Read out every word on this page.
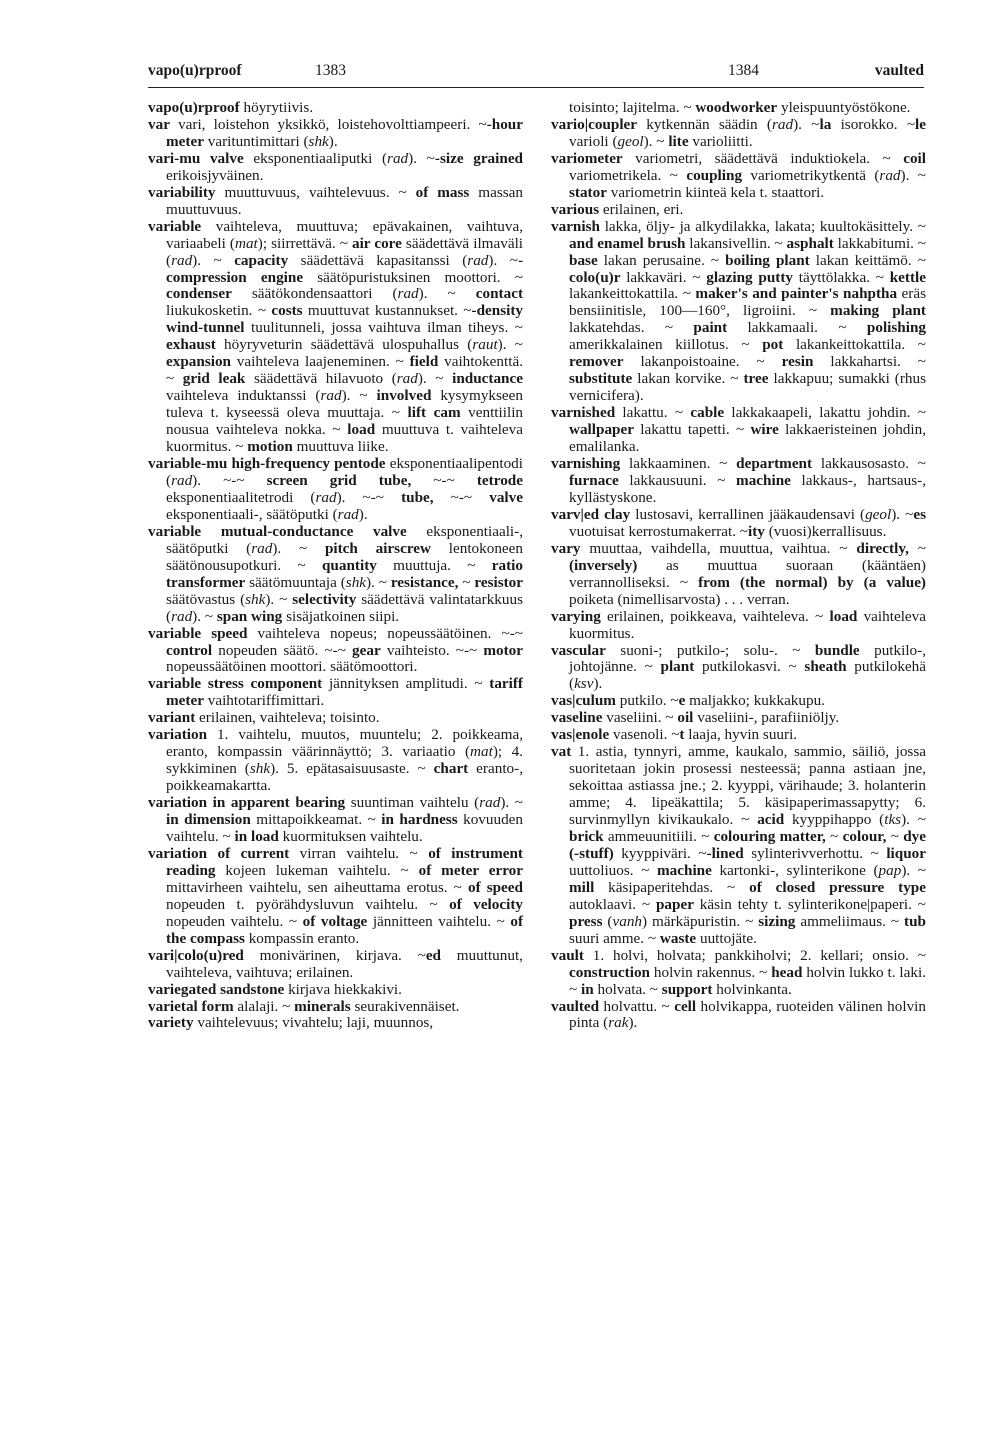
vapo(u)rproof	1383	1384	vaulted

vapo(u)rproof höyrytiivis.

var vari, loistehon yksikkö, loistehovolttiampeeri. ~-hour meter varituntimittari (shk).

vari-mu valve eksponentiaaliputki (rad). ~-size grained erikoisjyväinen.

variability muuttuvuus, vaihtelevuus. ~ of mass massan muuttuvuus.

variable vaihteleva, muuttuva; epävakainen, vaihtuva, variaabeli (mat); siirrettävä. ~ air core säädettävä ilmaväli (rad). ~ capacity säädettävä kapasitanssi (rad). ~-compression engine säätöpuristuksinen moottori. ~ condenser säätökondensaattori (rad). ~ contact liukukosketin. ~ costs muuttuvat kustannukset. ~-density wind-tunnel tuulitunneli, jossa vaihtuva ilman tiheys. ~ exhaust höyryveturin säädettävä ulospuhallus (raut). ~ expansion vaihteleva laajeneminen. ~ field vaihtokenttä. ~ grid leak säädettävä hilavuoto (rad). ~ inductance vaihteleva induktanssi (rad). ~ involved kysymykseen tuleva t. kyseessä oleva muuttaja. ~ lift cam venttiilin nousua vaihteleva nokka. ~ load muuttuva t. vaihteleva kuormitus. ~ motion muuttuva liike.

variable-mu high-frequency pentode eksponentiaalipentodi (rad). ~-~ screen grid tube, ~-~ tetrode eksponentiaalitetrodi (rad). ~-~ tube, ~-~ valve eksponentiaali-, säätöputki (rad).

variable mutual-conductance valve eksponentiaali-, säätöputki (rad). ~ pitch airscrew lentokoneen säätönousupotkuri. ~ quantity muuttuja. ~ ratio transformer säätömuuntaja (shk). ~ resistance, ~ resistor säätövastus (shk). ~ selectivity säädettävä valintatarkkuus (rad). ~ span wing sisäjatkoinen siipi.

variable speed vaihteleva nopeus; nopeussäätöinen. ~-~ control nopeuden säätö. ~-~ gear vaihteisto. ~-~ motor nopeussäätöinen moottori. säätömoottori.

variable stress component jännityksen amplitudi. ~ tariff meter vaihtotariffimittari.

variant erilainen, vaihteleva; toisinto.

variation 1. vaihtelu, muutos, muuntelu; 2. poikkeama, eranto, kompassin väärinnäyttö; 3. variaatio (mat); 4. sykkiminen (shk). 5. epätasaisuusaste. ~ chart eranto-, poikkeamakartta.

variation in apparent bearing suuntiman vaihtelu (rad). ~ in dimension mittapoikkeamat. ~ in hardness kovuuden vaihtelu. ~ in load kuormituksen vaihtelu.

variation of current virran vaihtelu. ~ of instrument reading kojeen lukeman vaihtelu. ~ of meter error mittavirheen vaihtelu, sen aiheuttama erotus. ~ of speed nopeuden t. pyörähdysluvun vaihtelu. ~ of velocity nopeuden vaihtelu. ~ of voltage jännitteen vaihtelu. ~ of the compass kompassin eranto.

vari|colo(u)red monivärinen, kirjava. ~ed muuttunut, vaihteleva, vaihtuva; erilainen.

variegated sandstone kirjava hiekkakivi.

varietal form alalaji. ~ minerals seurakivennäiset.

variety vaihtelevuus; vivahtelu; laji, muunnos,

toisinto; lajitelma. ~ woodworker yleispuuntyöstökone.

vario|coupler kytkennän säädin (rad). ~la isorokko. ~le varioli (geol). ~ lite varioliitti.

variometer variometri, säädettävä induktiokela. ~ coil variometrikela. ~ coupling variometrikytkentä (rad). ~ stator variometrin kiinteä kela t. staattori.

various erilainen, eri.

varnish lakka, öljy- ja alkydilakka, lakata; kuultokäsittely. ~ and enamel brush lakansivellin. ~ asphalt lakkabitumi. ~ base lakan perusaine. ~ boiling plant lakan keittämö. ~ colo(u)r lakkaväri. ~ glazing putty täyttölakka. ~ kettle lakankeittokattila. ~ maker's and painter's nahptha eräs bensiinitisle, 100—160°, ligroiini. ~ making plant lakkatehdas. ~ paint lakkamaali. ~ polishing amerikkalainen kiillotus. ~ pot lakankeittokattila. ~ remover lakanpoistoaine. ~ resin lakkahartsi. ~ substitute lakan korvike. ~ tree lakkapuu; sumakki (rhus vernicifera).

varnished lakattu. ~ cable lakkakaapeli, lakattu johdin. ~ wallpaper lakattu tapetti. ~ wire lakkaeristeinen johdin, emalilanka.

varnishing lakkaaminen. ~ department lakkausosasto. ~ furnace lakkausuuni. ~ machine lakkaus-, hartsaus-, kyllästyskone.

varv|ed clay lustosavi, kerrallinen jääkaudensavi (geol). ~es vuotuisat kerrostumakerrat. ~ity (vuosi)kerrallisuus.

vary muuttaa, vaihdella, muuttua, vaihtua. ~ directly, ~ (inversely) as muuttua suoraan (kääntäen) verrannolliseksi. ~ from (the normal) by (a value) poiketa (nimellisarvosta) . . . verran.

varying erilainen, poikkeava, vaihteleva. ~ load vaihteleva kuormitus.

vascular suoni-; putkilo-; solu-. ~ bundle putkilo-, johtojänne. ~ plant putkilokasvi. ~ sheath putkilokehä (ksv).

vas|culum putkilo. ~e maljakko; kukkakupu.

vaseline vaseliini. ~ oil vaseliini-, parafiiniöljy.

vas|enole vasenoli. ~t laaja, hyvin suuri.

vat 1. astia, tynnyri, amme, kaukalo, sammio, säiliö, jossa suoritetaan jokin prosessi nesteessä; panna astiaan jne, sekoittaa astiassa jne.; 2. kyyppi, värihaude; 3. holanterin amme; 4. lipeäkattila; 5. käsipaperimassapytty; 6. survinmyllyn kivikaukalo. ~ acid kyyppihappo (tks). ~ brick ammeuunitiili. ~ colouring matter, ~ colour, ~ dye (-stuff) kyyppiväri. ~-lined sylinterivverhottu. ~ liquor uuttoliuos. ~ machine kartonki-, sylinterikone (pap). ~ mill käsipaperitehdas. ~ of closed pressure type autoklaavi. ~ paper käsin tehty t. sylinterikone|paperi. ~ press (vanh) märkäpuristin. ~ sizing ammeliimaus. ~ tub suuri amme. ~ waste uuttojäte.

vault 1. holvi, holvata; pankkiholvi; 2. kellari; onsio. ~ construction holvin rakennus. ~ head holvin lukko t. laki. ~ in holvata. ~ support holvinkanta.

vaulted holvattu. ~ cell holvikappa, ruoteiden välinen holvin pinta (rak).
